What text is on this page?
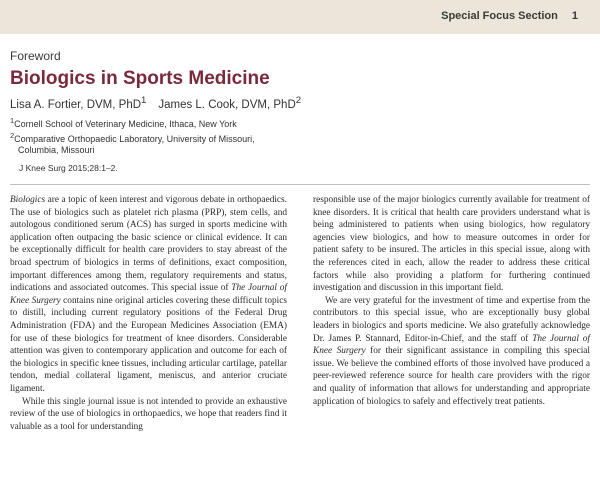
Special Focus Section 1
Foreword
Biologics in Sports Medicine
Lisa A. Fortier, DVM, PhD$^1$ James L. Cook, DVM, PhD$^2$
$^1$Cornell School of Veterinary Medicine, Ithaca, New York
$^2$Comparative Orthopaedic Laboratory, University of Missouri,
Columbia, Missouri
J Knee Surg 2015;28:1–2.

Biologics are a topic of keen interest and vigorous debate in orthopaedics. The use of biologics such as platelet rich plasma (PRP), stem cells, and autologous conditioned serum (ACS) has surged in sports medicine with application often outpacing the basic science or clinical evidence. It can be exceptionally difficult for health care providers to stay abreast of the broad spectrum of biologics in terms of definitions, exact composition, important differences among them, regulatory requirements and status, indications and associated outcomes. This special issue of The Journal of Knee Surgery contains nine original articles covering these difficult topics to distill, including current regulatory positions of the Federal Drug Administration (FDA) and the European Medicines Association (EMA) for use of these biologics for treatment of knee disorders. Considerable attention was given to contemporary application and outcome for each of the biologics in specific knee tissues, including articular cartilage, patellar tendon, medial collateral ligament, meniscus, and anterior cruciate ligament.

While this single journal issue is not intended to provide an exhaustive review of the use of biologics in orthopaedics, we hope that readers find it valuable as a tool for understanding

responsible use of the major biologics currently available for treatment of knee disorders. It is critical that health care providers understand what is being administered to patients when using biologics, how regulatory agencies view biologics, and how to measure outcomes in order for patient safety to be insured. The articles in this special issue, along with the references cited in each, allow the reader to address these critical factors while also providing a platform for furthering continued investigation and discussion in this important field.

We are very grateful for the investment of time and expertise from the contributors to this special issue, who are exceptionally busy global leaders in biologics and sports medicine. We also gratefully acknowledge Dr. James P. Stannard, Editor-in-Chief, and the staff of The Journal of Knee Surgery for their significant assistance in compiling this special issue. We believe the combined efforts of those involved have produced a peer-reviewed reference source for health care providers with the rigor and quality of information that allows for understanding and appropriate application of biologics to safely and effectively treat patients.
